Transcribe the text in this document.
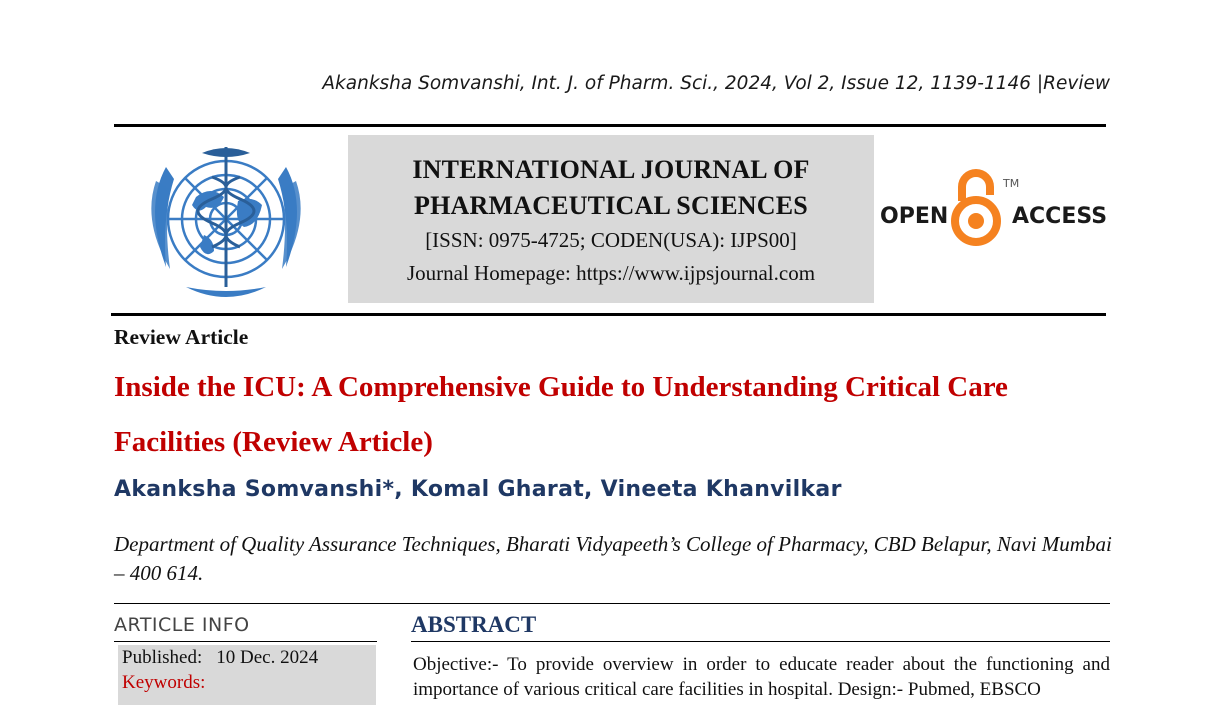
Akanksha Somvanshi, Int. J. of Pharm. Sci., 2024, Vol 2, Issue 12, 1139-1146 |Review
INTERNATIONAL JOURNAL OF
PHARMACEUTICAL SCIENCES
[ISSN: 0975-4725; CODEN(USA): IJPS00]
Journal Homepage: https://www.ijpsjournal.com
OPEN
TM
ACCESS
Review Article
Inside the ICU: A Comprehensive Guide to Understanding Critical Care Facilities (Review Article)
Akanksha Somvanshi*, Komal Gharat, Vineeta Khanvilkar
Department of Quality Assurance Techniques, Bharati Vidyapeeth’s College of Pharmacy, CBD Belapur, Navi Mumbai – 400 614.
ARTICLE INFO
Published: 10 Dec. 2024
Keywords:
ABSTRACT
Objective:- To provide overview in order to educate reader about the functioning and importance of various critical care facilities in hospital. Design:- Pubmed, EBSCO
